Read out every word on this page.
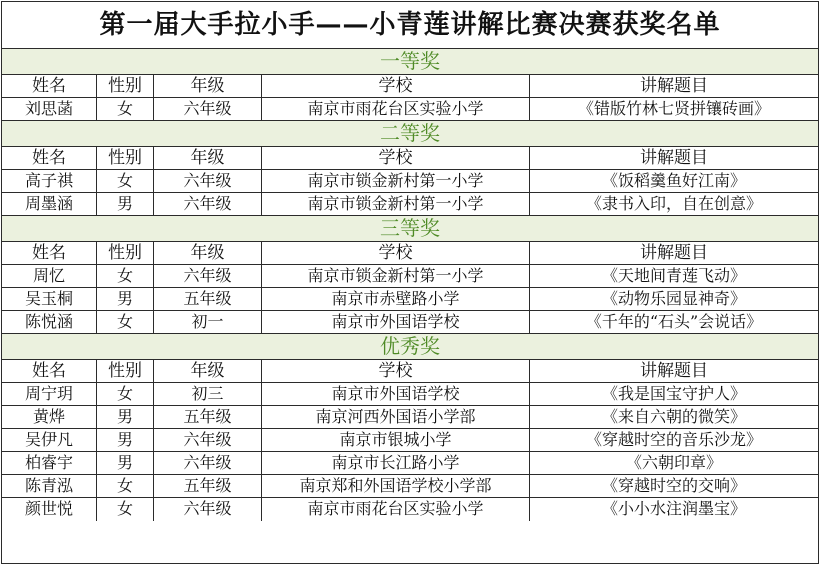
第一届大手拉小手——小青莲讲解比赛决赛获奖名单
一等奖
姓名	性别	年级	学校	讲解题目
刘思菡	女	六年级	南京市雨花台区实验小学	《错版竹林七贤拼镶砖画》
二等奖
姓名	性别	年级	学校	讲解题目
高子祺	女	六年级	南京市锁金新村第一小学	《饭稻羹鱼好江南》
周墨涵	男	六年级	南京市锁金新村第一小学	《隶书入印，自在创意》
三等奖
姓名	性别	年级	学校	讲解题目
周忆	女	六年级	南京市锁金新村第一小学	《天地间青莲飞动》
吴玉桐	男	五年级	南京市赤壁路小学	《动物乐园显神奇》
陈悦涵	女	初一	南京市外国语学校	《千年的“石头”会说话》
优秀奖
姓名	性别	年级	学校	讲解题目
周宁玥	女	初三	南京市外国语学校	《我是国宝守护人》
黄烨	男	五年级	南京河西外国语小学部	《来自六朝的微笑》
吴伊凡	男	六年级	南京市银城小学	《穿越时空的音乐沙龙》
柏睿宇	男	六年级	南京市长江路小学	《六朝印章》
陈青泓	女	五年级	南京郑和外国语学校小学部	《穿越时空的交响》
颜世悦	女	六年级	南京市雨花台区实验小学	《小小水注润墨宝》
